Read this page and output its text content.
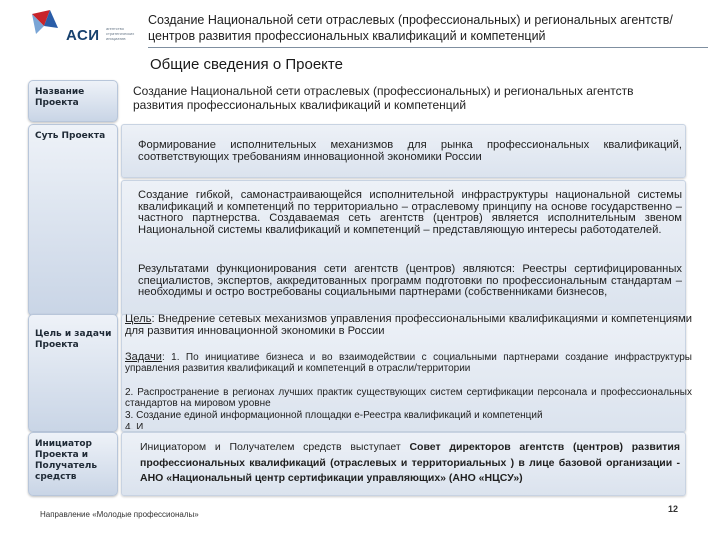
АСИ агентство стратегических инициатив
Создание Национальной сети отраслевых (профессиональных) и региональных агентств/центров развития профессиональных квалификаций и компетенций
Общие сведения о Проекте
Название Проекта
Создание Национальной сети отраслевых (профессиональных) и региональных агентств развития профессиональных квалификаций и компетенций
Суть Проекта
Формирование исполнительных механизмов для рынка профессиональных квалификаций, соответствующих требованиям инновационной экономики России
Создание гибкой, самонастраивающейся исполнительной инфраструктуры национальной системы квалификаций и компетенций по территориально – отраслевому принципу на основе государственно –частного партнерства. Создаваемая сеть агентств (центров) является исполнительным звеном Национальной системы квалификаций и компетенций – представляющую интересы работодателей.
Результатами функционирования сети агентств (центров) являются: Реестры сертифицированных специалистов, экспертов, аккредитованных программ подготовки по профессиональным стандартам – необходимы и остро востребованы социальными партнерами (собственниками бизнесов,
Цель и задачи Проекта
Цель: Внедрение сетевых механизмов управления профессиональными квалификациями и компетенциями для развития инновационной экономики в России
Задачи: 1. По инициативе бизнеса и во взаимодействии с социальными партнерами создание инфраструктуры управления развития квалификаций и компетенций в отрасли/территории
2. Распространение в регионах лучших практик существующих систем сертификации персонала и профессиональных стандартов на мировом уровне
3. Создание единой информационной площадки е-Реестра квалификаций и компетенций
4. И
Инициатор Проекта и Получатель средств
Инициатором и Получателем средств выступает Совет директоров агентств (центров) развития профессиональных квалификаций (отраслевых и территориальных ) в лице базовой организации - АНО «Национальный центр сертификации управляющих» (АНО «НЦСУ»)
Направление «Молодые профессионалы»
12
